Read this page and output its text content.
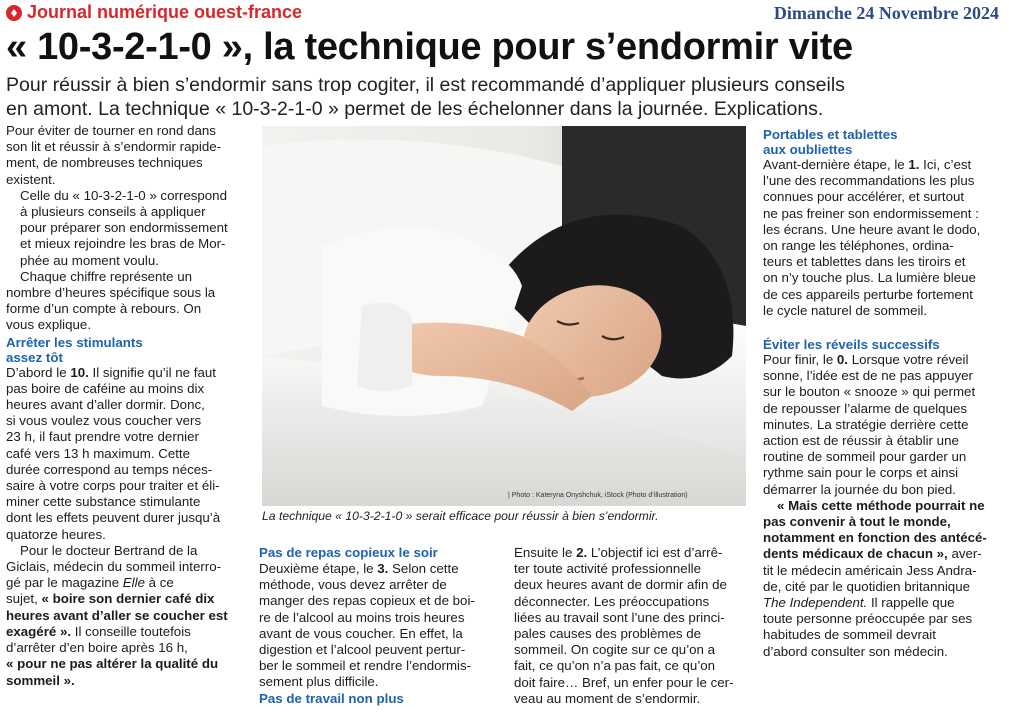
Journal numérique ouest-france	Dimanche 24 Novembre 2024
« 10-3-2-1-0 », la technique pour s’endormir vite
Pour réussir à bien s’endormir sans trop cogiter, il est recommandé d’appliquer plusieurs conseils
en amont. La technique « 10-3-2-1-0 » permet de les échelonner dans la journée. Explications.

Pour éviter de tourner en rond dans
son lit et réussir à s’endormir rapide-
ment, de nombreuses techniques
existent.

Celle du « 10-3-2-1-0 » correspond
à plusieurs conseils à appliquer
pour préparer son endormissement
et mieux rejoindre les bras de Mor-
phée au moment voulu.

Chaque chiffre représente un
nombre d’heures spécifique sous la
forme d’un compte à rebours. On
vous explique.

Arrêter les stimulants
assez tôt

D’abord le 10. Il signifie qu’il ne faut
pas boire de caféine au moins dix
heures avant d’aller dormir. Donc,
si vous voulez vous coucher vers
23 h, il faut prendre votre dernier
café vers 13 h maximum. Cette
durée correspond au temps néces-
saire à votre corps pour traiter et éli-
miner cette substance stimulante
dont les effets peuvent durer jusqu’à
quatorze heures.

Pour le docteur Bertrand de la
Giclais, médecin du sommeil interro-
gé par le magazine Elle à ce
sujet, « boire son dernier café dix
heures avant d’aller se coucher est
exagéré ». Il conseille toutefois
d’arrêter d’en boire après 16 h,
« pour ne pas altérer la qualité du
sommeil ».

| Photo : Kateryna Onyshchuk, iStock (Photo d’illustration)
La technique « 10-3-2-1-0 » serait efficace pour réussir à bien s’endormir.
Pas de repas copieux le soir

Deuxième étape, le 3. Selon cette
méthode, vous devez arrêter de
manger des repas copieux et de boi-
re de l’alcool au moins trois heures
avant de vous coucher. En effet, la
digestion et l’alcool peuvent pertur-
ber le sommeil et rendre l’endormis-
sement plus difficile.

Pas de travail non plus

Ensuite le 2. L’objectif ici est d’arrê-
ter toute activité professionnelle
deux heures avant de dormir afin de
déconnecter. Les préoccupations
liées au travail sont l’une des princi-
pales causes des problèmes de
sommeil. On cogite sur ce qu’on a
fait, ce qu’on n’a pas fait, ce qu’on
doit faire… Bref, un enfer pour le cer-
veau au moment de s’endormir.

Portables et tablettes
aux oubliettes

Avant-dernière étape, le 1. Ici, c’est
l’une des recommandations les plus
connues pour accélérer, et surtout
ne pas freiner son endormissement :
les écrans. Une heure avant le dodo,
on range les téléphones, ordina-
teurs et tablettes dans les tiroirs et
on n’y touche plus. La lumière bleue
de ces appareils perturbe fortement
le cycle naturel de sommeil.

Éviter les réveils successifs

Pour finir, le 0. Lorsque votre réveil
sonne, l’idée est de ne pas appuyer
sur le bouton « snooze » qui permet
de repousser l’alarme de quelques
minutes. La stratégie derrière cette
action est de réussir à établir une
routine de sommeil pour garder un
rythme sain pour le corps et ainsi
démarrer la journée du bon pied.

« Mais cette méthode pourrait ne
pas convenir à tout le monde,
notamment en fonction des antécé-
dents médicaux de chacun », aver-
tit le médecin américain Jess Andra-
de, cité par le quotidien britannique
The Independent. Il rappelle que
toute personne préoccupée par ses
habitudes de sommeil devrait
d’abord consulter son médecin.
